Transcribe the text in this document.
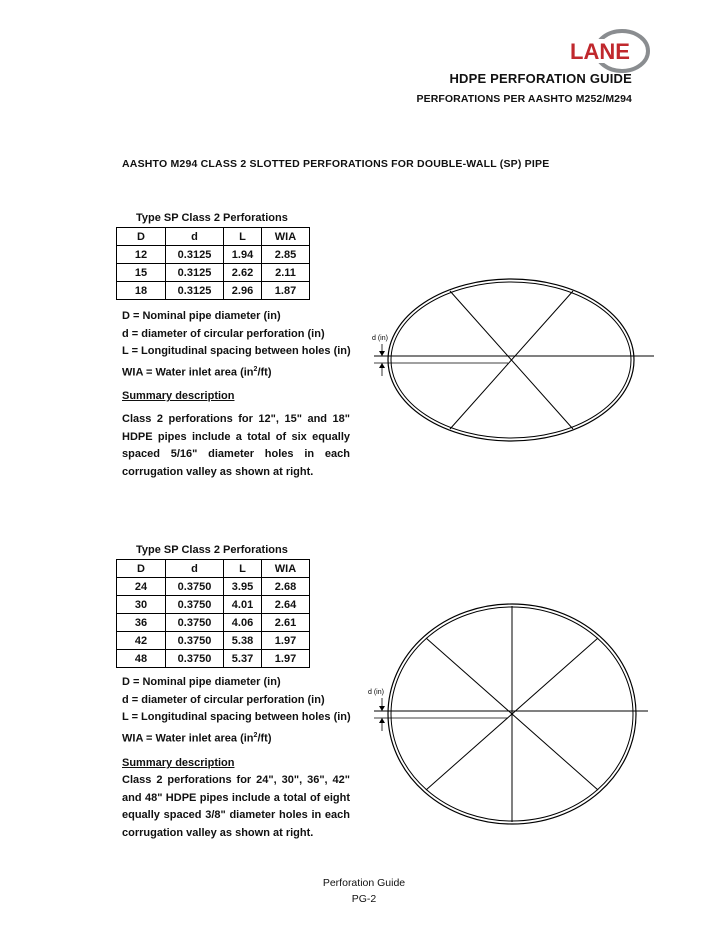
LANE
HDPE PERFORATION GUIDE
PERFORATIONS PER AASHTO M252/M294
AASHTO M294 CLASS 2 SLOTTED PERFORATIONS FOR DOUBLE-WALL (SP) PIPE
Type SP Class 2 Perforations
D	d	L	WIA
12	0.3125	1.94	2.85
15	0.3125	2.62	2.11
18	0.3125	2.96	1.87
D = Nominal pipe diameter (in)
d = diameter of circular perforation (in)
L = Longitudinal spacing between holes (in)
WIA = Water inlet area $(in^2/ft)$
Summary description
Class 2 perforations for 12", 15" and 18" HDPE pipes include a total of six equally spaced 5/16" diameter holes in each corrugation valley as shown at right.
d (in)
Type SP Class 2 Perforations
D	d	L	WIA
24	0.3750	3.95	2.68
30	0.3750	4.01	2.64
36	0.3750	4.06	2.61
42	0.3750	5.38	1.97
48	0.3750	5.37	1.97
D = Nominal pipe diameter (in)
d = diameter of circular perforation (in)
L = Longitudinal spacing between holes (in)
WIA = Water inlet area $(in^2/ft)$
Summary description
Class 2 perforations for 24", 30", 36", 42" and 48" HDPE pipes include a total of eight equally spaced 3/8" diameter holes in each corrugation valley as shown at right.
d (in)
Perforation Guide
PG-2
